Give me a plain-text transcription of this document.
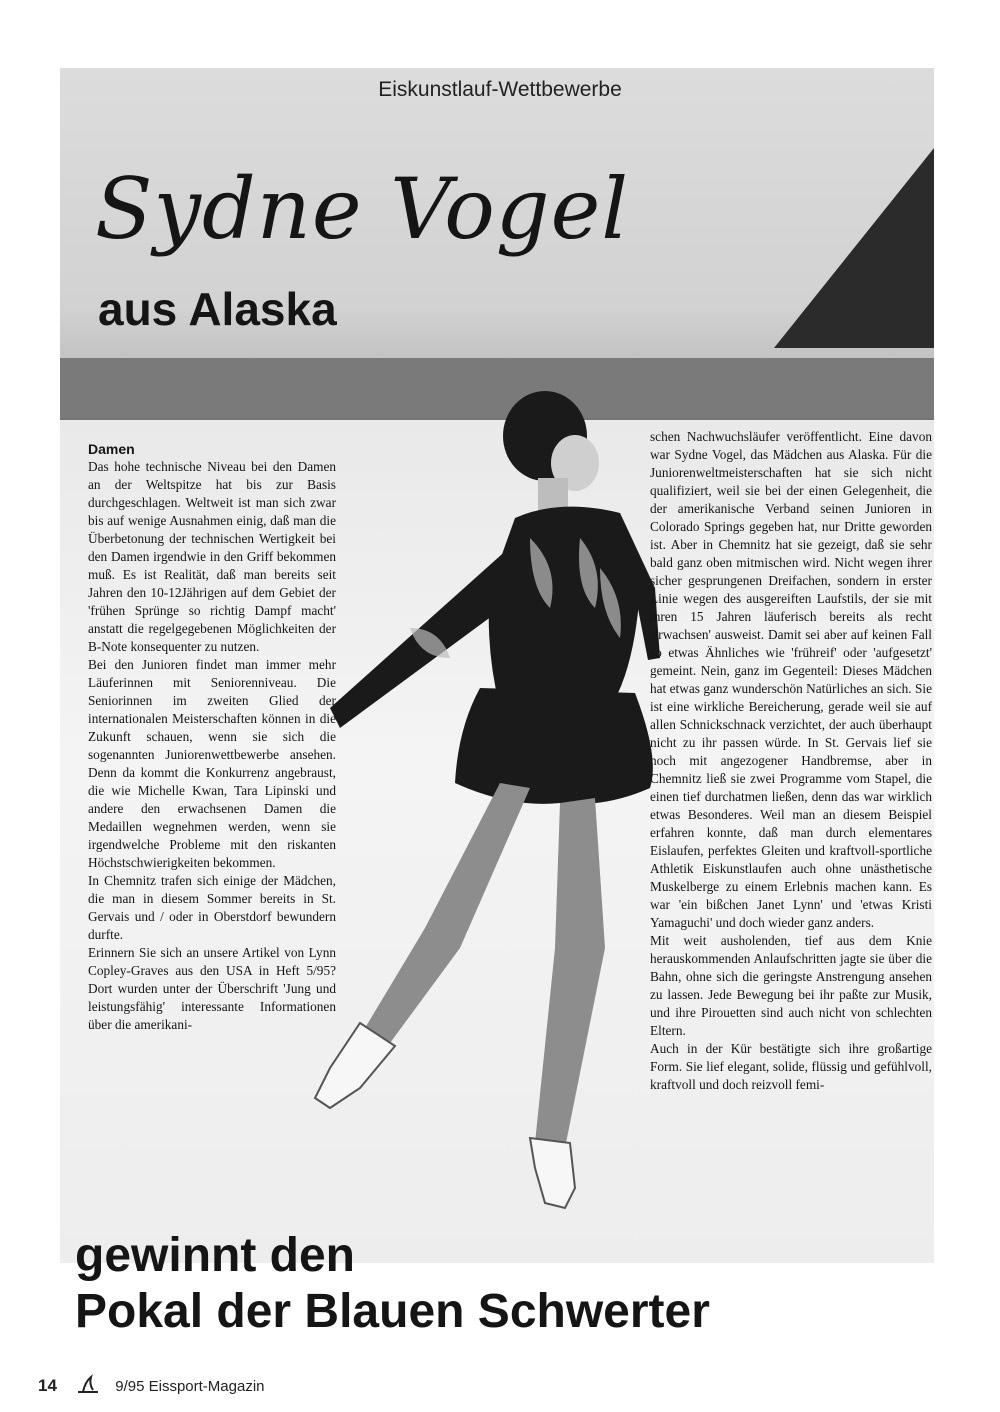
Eiskunstlauf-Wettbewerbe
Sydne Vogel
aus Alaska
Damen

Das hohe technische Niveau bei den Damen an der Weltspitze hat bis zur Basis durchgeschlagen. Weltweit ist man sich zwar bis auf wenige Ausnahmen einig, daß man die Überbetonung der technischen Wertigkeit bei den Damen irgendwie in den Griff bekommen muß. Es ist Realität, daß man bereits seit Jahren den 10-12Jährigen auf dem Gebiet der 'frühen Sprünge so richtig Dampf macht' anstatt die regelgegebenen Möglichkeiten der B-Note konsequenter zu nutzen.

Bei den Junioren findet man immer mehr Läuferinnen mit Seniorenniveau. Die Seniorinnen im zweiten Glied der internationalen Meisterschaften können in die Zukunft schauen, wenn sie sich die sogenannten Juniorenwettbewerbe ansehen. Denn da kommt die Konkurrenz angebraust, die wie Michelle Kwan, Tara Lipinski und andere den erwachsenen Damen die Medaillen wegnehmen werden, wenn sie irgendwelche Probleme mit den riskanten Höchstschwierigkeiten bekommen.

In Chemnitz trafen sich einige der Mädchen, die man in diesem Sommer bereits in St. Gervais und / oder in Oberstdorf bewundern durfte.

Erinnern Sie sich an unsere Artikel von Lynn Copley-Graves aus den USA in Heft 5/95? Dort wurden unter der Überschrift 'Jung und leistungsfähig' interessante Informationen über die amerikani-

schen Nachwuchsläufer veröffentlicht. Eine davon war Sydne Vogel, das Mädchen aus Alaska. Für die Juniorenweltmeisterschaften hat sie sich nicht qualifiziert, weil sie bei der einen Gelegenheit, die der amerikanische Verband seinen Junioren in Colorado Springs gegeben hat, nur Dritte geworden ist. Aber in Chemnitz hat sie gezeigt, daß sie sehr bald ganz oben mitmischen wird. Nicht wegen ihrer sicher gesprungenen Dreifachen, sondern in erster Linie wegen des ausgereiften Laufstils, der sie mit ihren 15 Jahren läuferisch bereits als recht 'erwachsen' ausweist. Damit sei aber auf keinen Fall so etwas Ähnliches wie 'frühreif' oder 'aufgesetzt' gemeint. Nein, ganz im Gegenteil: Dieses Mädchen hat etwas ganz wunderschön Natürliches an sich. Sie ist eine wirkliche Bereicherung, gerade weil sie auf allen Schnickschnack verzichtet, der auch überhaupt nicht zu ihr passen würde. In St. Gervais lief sie noch mit angezogener Handbremse, aber in Chemnitz ließ sie zwei Programme vom Stapel, die einen tief durchatmen ließen, denn das war wirklich etwas Besonderes. Weil man an diesem Beispiel erfahren konnte, daß man durch elementares Eislaufen, perfektes Gleiten und kraftvoll-sportliche Athletik Eiskunstlaufen auch ohne unästhetische Muskelberge zu einem Erlebnis machen kann. Es war 'ein bißchen Janet Lynn' und 'etwas Kristi Yamaguchi' und doch wieder ganz anders.

Mit weit ausholenden, tief aus dem Knie herauskommenden Anlaufschritten jagte sie über die Bahn, ohne sich die geringste Anstrengung ansehen zu lassen. Jede Bewegung bei ihr paßte zur Musik, und ihre Pirouetten sind auch nicht von schlechten Eltern.

Auch in der Kür bestätigte sich ihre großartige Form. Sie lief elegant, solide, flüssig und gefühlvoll, kraftvoll und doch reizvoll femi-

gewinnt den
Pokal der Blauen Schwerter
14	9/95 Eissport-Magazin
